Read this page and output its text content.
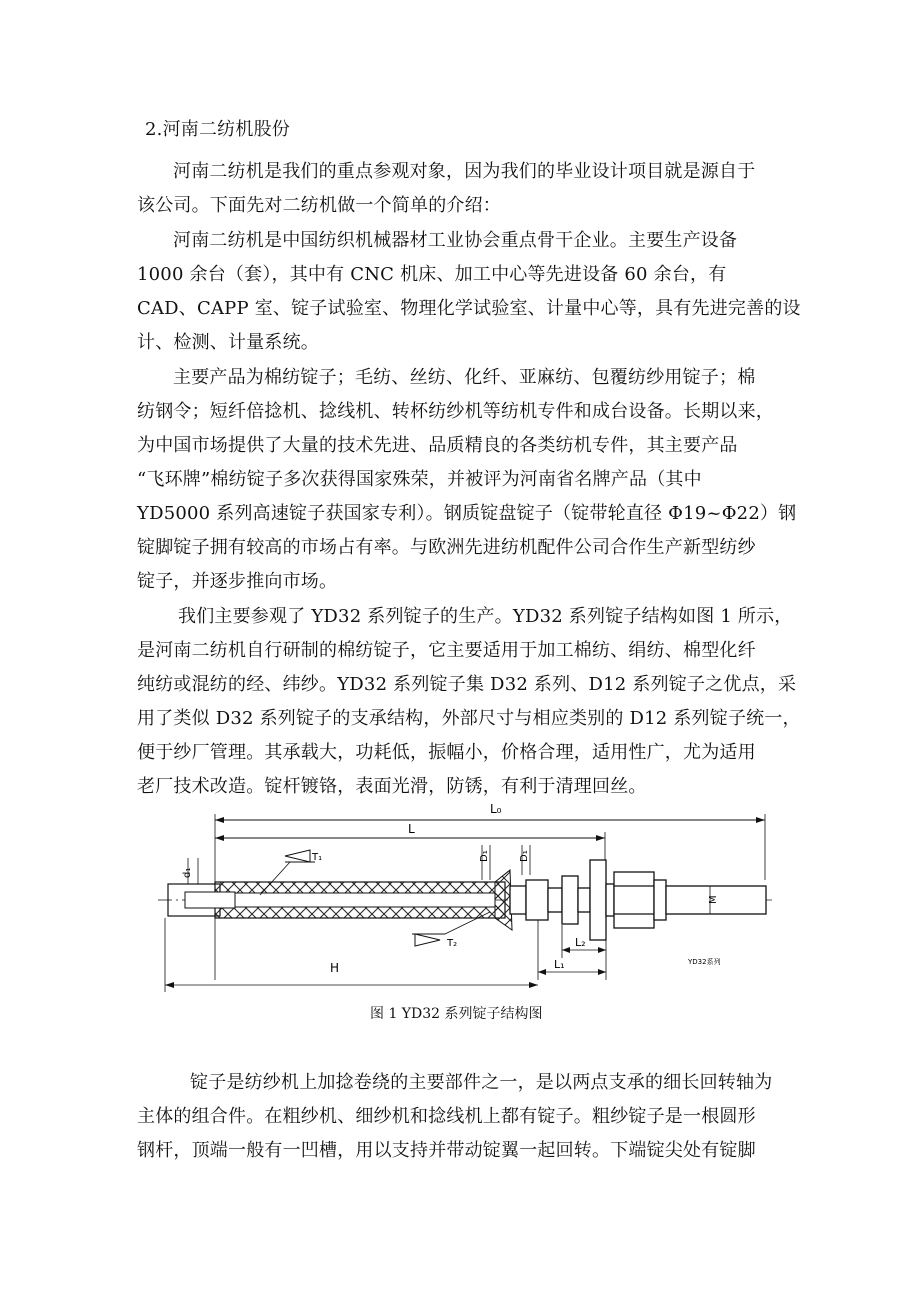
2.河南二纺机股份
河南二纺机是我们的重点参观对象，因为我们的毕业设计项目就是源自于
该公司。下面先对二纺机做一个简单的介绍：
河南二纺机是中国纺织机械器材工业协会重点骨干企业。主要生产设备
1000 余台（套），其中有 CNC 机床、加工中心等先进设备 60 余台，有
CAD、CAPP 室、锭子试验室、物理化学试验室、计量中心等，具有先进完善的设
计、检测、计量系统。
主要产品为棉纺锭子；毛纺、丝纺、化纤、亚麻纺、包覆纺纱用锭子；棉
纺钢令；短纤倍捻机、捻线机、转杯纺纱机等纺机专件和成台设备。长期以来，
为中国市场提供了大量的技术先进、品质精良的各类纺机专件，其主要产品
“飞环牌”棉纺锭子多次获得国家殊荣，并被评为河南省名牌产品（其中
YD5000 系列高速锭子获国家专利）。钢质锭盘锭子（锭带轮直径 Φ19~Φ22）钢
锭脚锭子拥有较高的市场占有率。与欧洲先进纺机配件公司合作生产新型纺纱
锭子，并逐步推向市场。
我们主要参观了 YD32 系列锭子的生产。YD32 系列锭子结构如图 1 所示，
是河南二纺机自行研制的棉纺锭子，它主要适用于加工棉纺、绢纺、棉型化纤
纯纺或混纺的经、纬纱。YD32 系列锭子集 D32 系列、D12 系列锭子之优点，采
用了类似 D32 系列锭子的支承结构，外部尺寸与相应类别的 D12 系列锭子统一，
便于纱厂管理。其承载大，功耗低，振幅小，价格合理，适用性广，尤为适用
老厂技术改造。锭杆镀铬，表面光滑，防锈，有利于清理回丝。
L₀
L
d₁
T₁
T₂
D₁	D₁
M
L₂
L₁
H	YD32系列
图 1 YD32 系列锭子结构图
锭子是纺纱机上加捻卷绕的主要部件之一，是以两点支承的细长回转轴为
主体的组合件。在粗纱机、细纱机和捻线机上都有锭子。粗纱锭子是一根圆形
钢杆，顶端一般有一凹槽，用以支持并带动锭翼一起回转。下端锭尖处有锭脚
